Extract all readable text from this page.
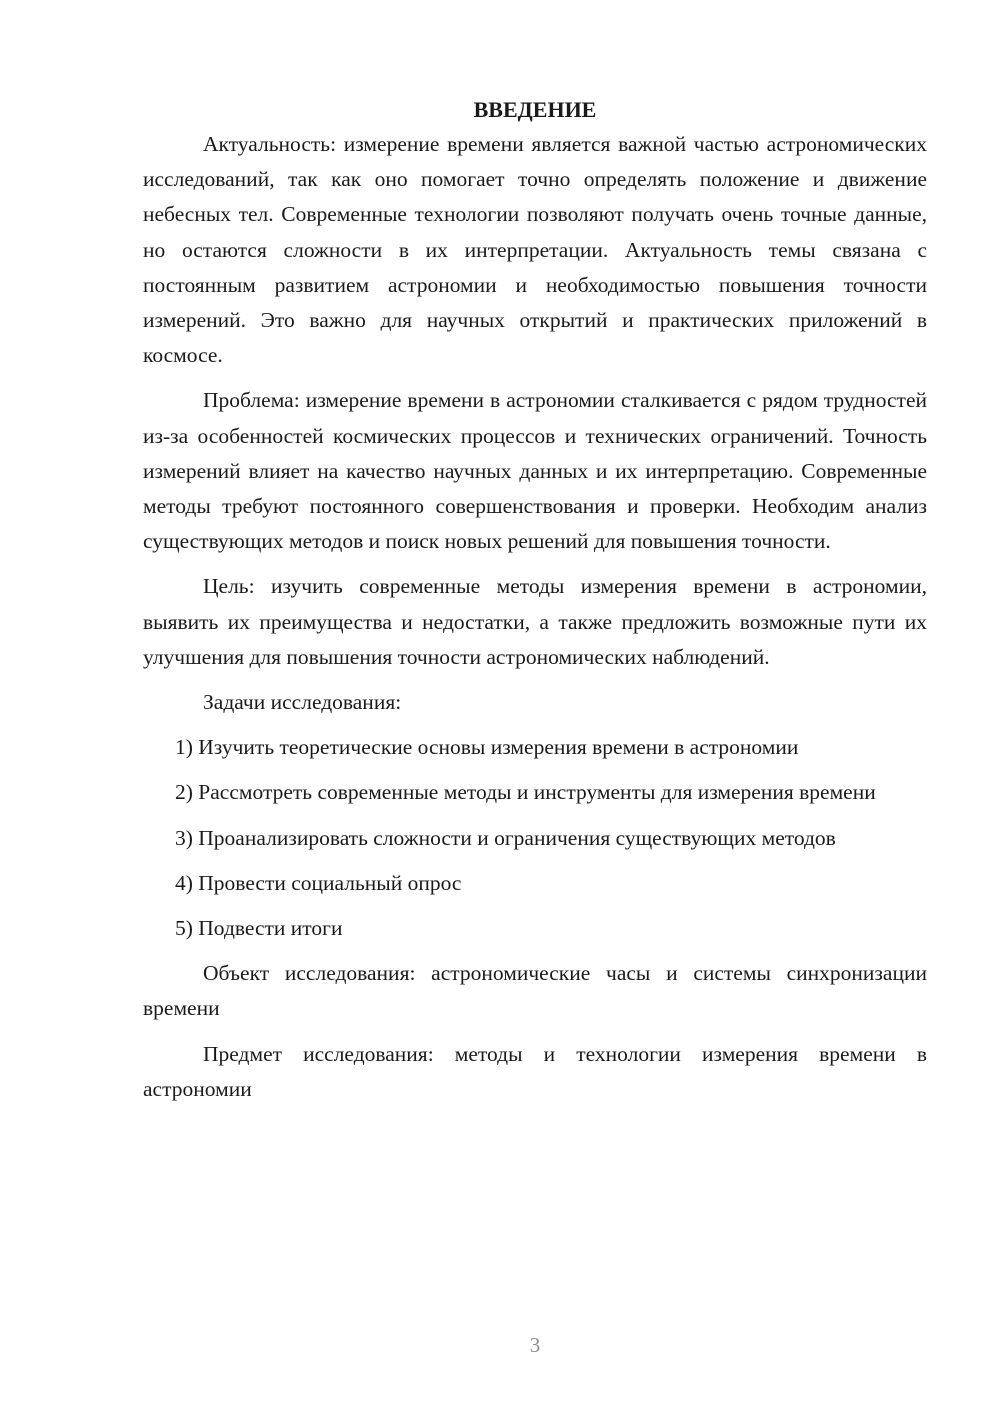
ВВЕДЕНИЕ

Актуальность: измерение времени является важной частью астрономических исследований, так как оно помогает точно определять положение и движение небесных тел. Современные технологии позволяют получать очень точные данные, но остаются сложности в их интерпретации. Актуальность темы связана с постоянным развитием астрономии и необходимостью повышения точности измерений. Это важно для научных открытий и практических приложений в космосе.

Проблема: измерение времени в астрономии сталкивается с рядом трудностей из-за особенностей космических процессов и технических ограничений. Точность измерений влияет на качество научных данных и их интерпретацию. Современные методы требуют постоянного совершенствования и проверки. Необходим анализ существующих методов и поиск новых решений для повышения точности.

Цель: изучить современные методы измерения времени в астрономии, выявить их преимущества и недостатки, а также предложить возможные пути их улучшения для повышения точности астрономических наблюдений.

Задачи исследования:

1) Изучить теоретические основы измерения времени в астрономии

2) Рассмотреть современные методы и инструменты для измерения времени

3) Проанализировать сложности и ограничения существующих методов

4) Провести социальный опрос

5) Подвести итоги

Объект исследования: астрономические часы и системы синхронизации времени

Предмет исследования: методы и технологии измерения времени в астрономии

3
